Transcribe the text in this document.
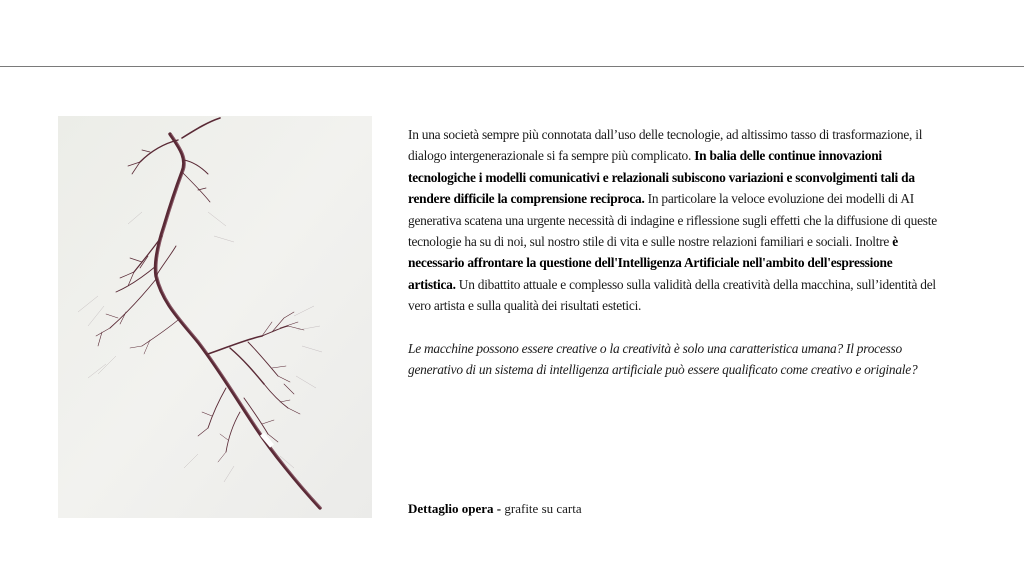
In una società sempre più connotata dall’uso delle tecnologie, ad altissimo tasso di trasformazione, il dialogo intergenerazionale si fa sempre più complicato. In balia delle continue innovazioni tecnologiche i modelli comunicativi e relazionali subiscono variazioni e sconvolgimenti tali da rendere difficile la comprensione reciproca. In particolare la veloce evoluzione dei modelli di AI generativa scatena una urgente necessità di indagine e riflessione sugli effetti che la diffusione di queste tecnologie ha su di noi, sul nostro stile di vita e sulle nostre relazioni familiari e sociali. Inoltre è necessario affrontare la questione dell'Intelligenza Artificiale nell'ambito dell'espressione artistica. Un dibattito attuale e complesso sulla validità della creatività della macchina, sull’identità del vero artista e sulla qualità dei risultati estetici.

Le macchine possono essere creative o la creatività è solo una caratteristica umana? Il processo generativo di un sistema di intelligenza artificiale può essere qualificato come creativo e originale?

Dettaglio opera - grafite su carta
